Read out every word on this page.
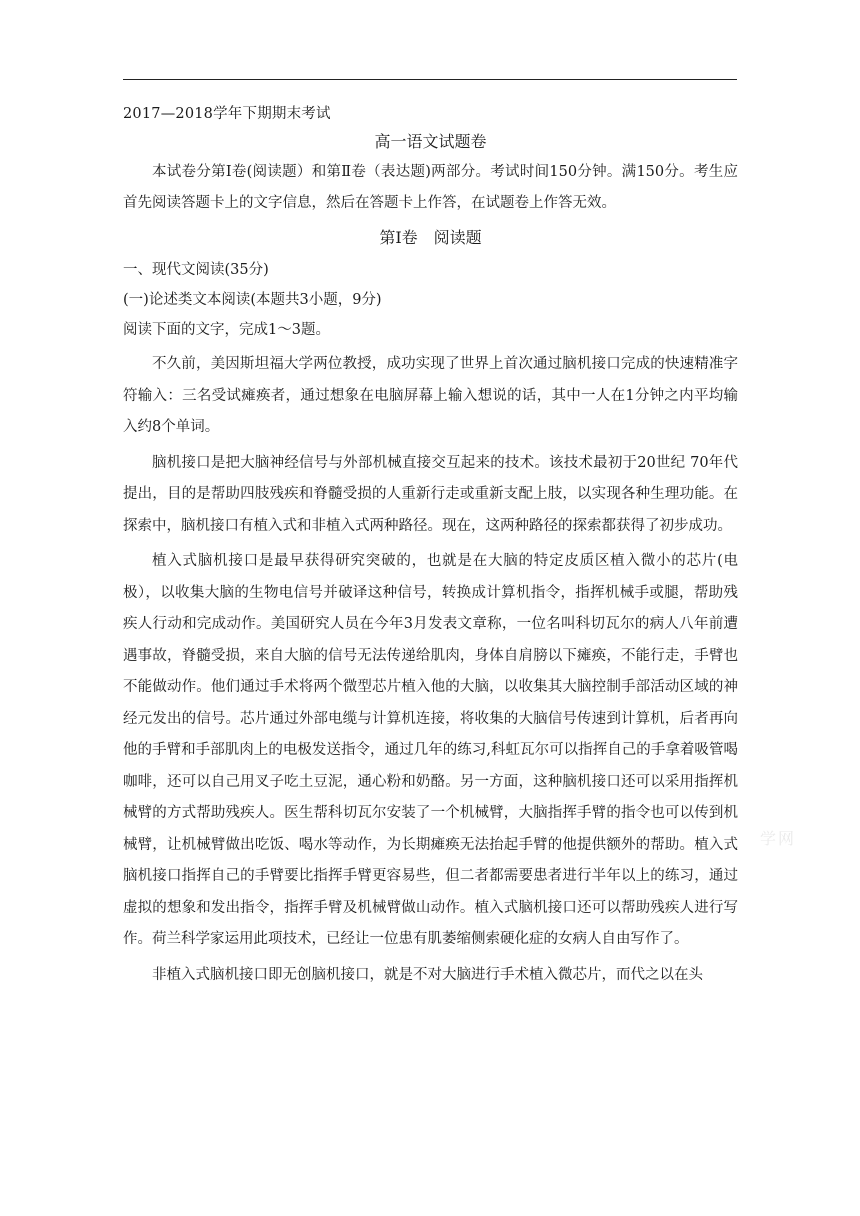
学网
2017—2018学年下期期末考试
高一语文试题卷

本试卷分第Ⅰ卷(阅读题）和第Ⅱ卷（表达题)两部分。考试时间150分钟。满150分。考生应首先阅读答题卡上的文字信息，然后在答题卡上作答，在试题卷上作答无效。

第Ⅰ卷　阅读题
一、现代文阅读(35分)
(一)论述类文本阅读(本题共3小题，9分)
阅读下面的文字，完成1～3题。

不久前，美因斯坦福大学两位教授，成功实现了世界上首次通过脑机接口完成的快速精准字符输入：三名受试瘫痪者，通过想象在电脑屏幕上输入想说的话，其中一人在1分钟之内平均输入约8个单词。

脑机接口是把大脑神经信号与外部机械直接交互起来的技术。该技术最初于20世纪 70年代提出，目的是帮助四肢残疾和脊髓受损的人重新行走或重新支配上肢，以实现各种生理功能。在探索中，脑机接口有植入式和非植入式两种路径。现在，这两种路径的探索都获得了初步成功。

植入式脑机接口是最早获得研究突破的，也就是在大脑的特定皮质区植入微小的芯片(电极），以收集大脑的生物电信号并破译这种信号，转换成计算机指令，指挥机械手或腿，帮助残疾人行动和完成动作。美国研究人员在今年3月发表文章称，一位名叫科切瓦尔的病人八年前遭遇事故，脊髓受损，来自大脑的信号无法传递给肌肉，身体自肩膀以下瘫痪，不能行走，手臂也不能做动作。他们通过手术将两个微型芯片植入他的大脑，以收集其大脑控制手部活动区域的神经元发出的信号。芯片通过外部电缆与计算机连接，将收集的大脑信号传速到计算机，后者再向他的手臂和手部肌肉上的电极发送指令，通过几年的练习,科虹瓦尔可以指挥自己的手拿着吸管喝咖啡，还可以自己用叉子吃土豆泥，通心粉和奶酪。另一方面，这种脑机接口还可以采用指挥机械臂的方式帮助残疾人。医生帮科切瓦尔安装了一个机械臂，大脑指挥手臂的指令也可以传到机械臂，让机械臂做出吃饭、喝水等动作，为长期瘫痪无法抬起手臂的他提供额外的帮助。植入式脑机接口指挥自己的手臂要比指挥手臂更容易些，但二者都需要患者进行半年以上的练习，通过虚拟的想象和发出指令，指挥手臂及机械臂做山动作。植入式脑机接口还可以帮助残疾人进行写作。荷兰科学家运用此项技术，已经让一位患有肌萎缩侧索硬化症的女病人自由写作了。

非植入式脑机接口即无创脑机接口，就是不对大脑进行手术植入微芯片，而代之以在头
